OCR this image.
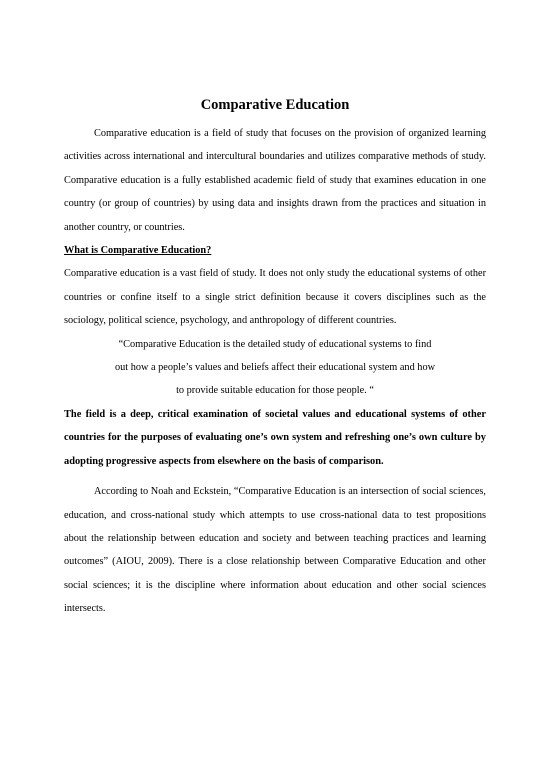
Comparative Education

Comparative education is a field of study that focuses on the provision of organized learning activities across international and intercultural boundaries and utilizes comparative methods of study. Comparative education is a fully established academic field of study that examines education in one country (or group of countries) by using data and insights drawn from the practices and situation in another country, or countries.

What is Comparative Education?

Comparative education is a vast field of study. It does not only study the educational systems of other countries or confine itself to a single strict definition because it covers disciplines such as the sociology, political science, psychology, and anthropology of different countries.

“Comparative Education is the detailed study of educational systems to find
out how a people’s values and beliefs affect their educational system and how
to provide suitable education for those people. “

The field is a deep, critical examination of societal values and educational systems of other countries for the purposes of evaluating one’s own system and refreshing one’s own culture by adopting progressive aspects from elsewhere on the basis of comparison.

According to Noah and Eckstein, “Comparative Education is an intersection of social sciences, education, and cross-national study which attempts to use cross-national data to test propositions about the relationship between education and society and between teaching practices and learning outcomes” (AIOU, 2009). There is a close relationship between Comparative Education and other social sciences; it is the discipline where information about education and other social sciences intersects.
